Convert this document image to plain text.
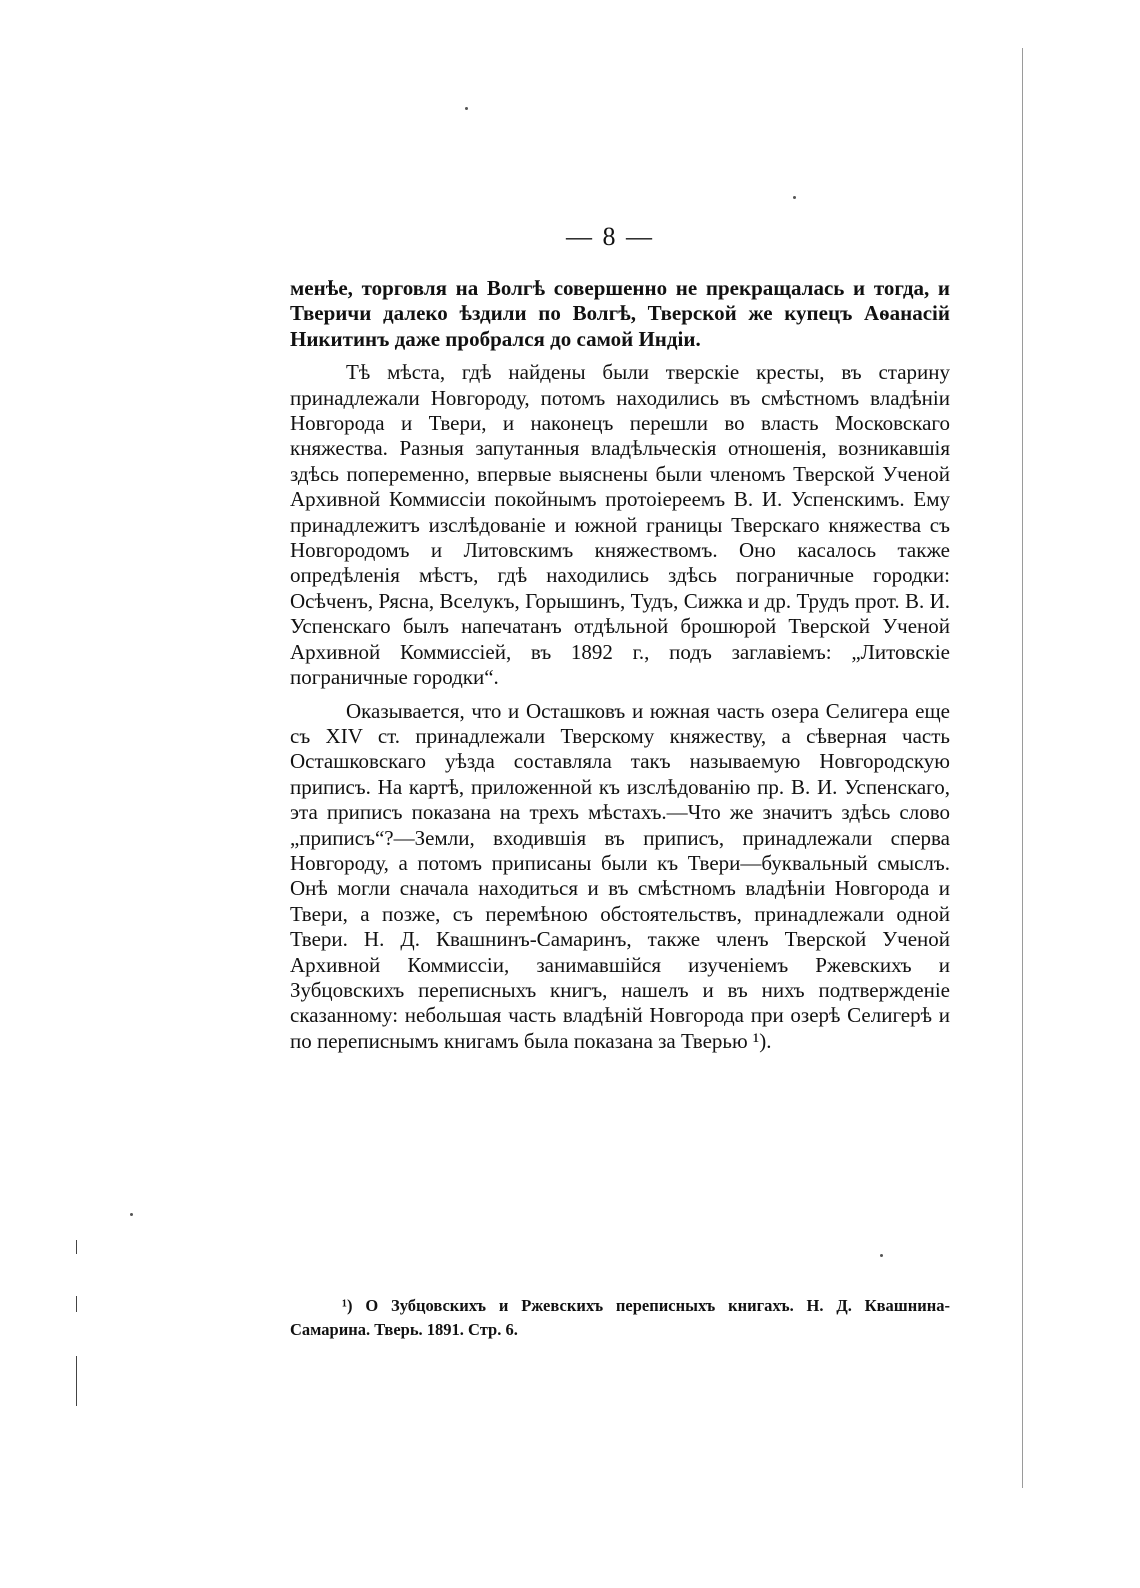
— 8 —

менѣе, торговля на Волгѣ совершенно не прекращалась и тогда, и Тверичи далеко ѣздили по Волгѣ, Тверской же купецъ Аѳанасій Никитинъ даже пробрался до самой Индіи.

Тѣ мѣста, гдѣ найдены были тверскіе кресты, въ старину принадлежали Новгороду, потомъ находились въ смѣстномъ владѣніи Новгорода и Твери, и наконецъ перешли во власть Московскаго княжества. Разныя запутанныя владѣльческія отношенія, возникавшія здѣсь попеременно, впервые выяснены были членомъ Тверской Ученой Архивной Коммиссіи покойнымъ протоіереемъ В. И. Успенскимъ. Ему принадлежитъ изслѣдованіе и южной границы Тверскаго княжества съ Новгородомъ и Литовскимъ княжествомъ. Оно касалось также опредѣленія мѣстъ, гдѣ находились здѣсь пограничные городки: Осѣченъ, Ряcна, Вселукъ, Горышинъ, Тудъ, Сижка и др. Трудъ прот. В. И. Успенскаго былъ напечатанъ отдѣльной брошюрой Тверской Ученой Архивной Коммиссіей, въ 1892 г., подъ заглавіемъ: „Литовскіе пограничные городки“.

Оказывается, что и Осташковъ и южная часть озера Селигера еще съ XIV ст. принадлежали Тверскому княжеству, а сѣверная часть Осташковскаго уѣзда составляла такъ называемую Новгородскую приписъ. На картѣ, приложенной къ изслѣдованію пр. В. И. Успенскаго, эта приписъ показана на трехъ мѣстахъ.—Что же значитъ здѣсь слово „приписъ“?—Земли, входившія въ приписъ, принадлежали сперва Новгороду, а потомъ приписаны были къ Твери—буквальный смыслъ. Онѣ могли сначала находиться и въ смѣстномъ владѣніи Новгорода и Твери, а позже, съ перемѣною обстоятельствъ, принадлежали одной Твери. Н. Д. Квашнинъ-Самаринъ, также членъ Тверской Ученой Архивной Коммиссіи, занимавшійся изученіемъ Ржевскихъ и Зубцовскихъ переписныхъ книгъ, нашелъ и въ нихъ подтвержденіе сказанному: небольшая часть владѣній Новгорода при озерѣ Селигерѣ и по переписнымъ книгамъ была показана за Тверью ¹).

¹) О Зубцовскихъ и Ржевскихъ переписныхъ книгахъ. Н. Д. Квашнина-Самарина. Тверь. 1891. Стр. 6.
